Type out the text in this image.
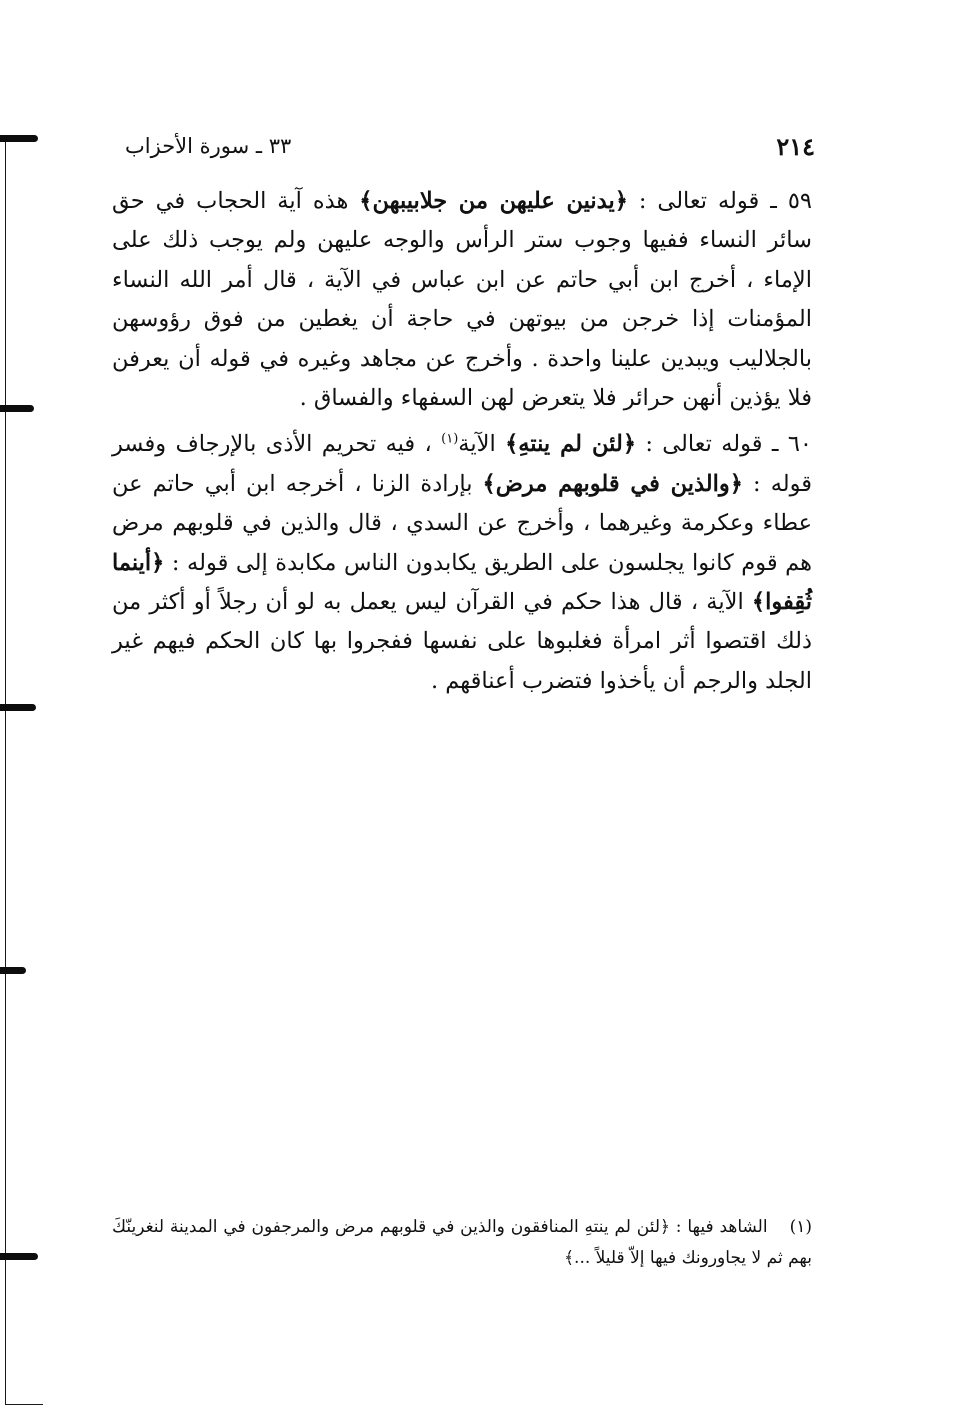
٢١٤
٣٣ ـ سورة الأحزاب

٥٩ ـ قوله تعالى : ﴿يدنين عليهن من جلابيبهن﴾ هذه آية الحجاب في حق سائر النساء ففيها وجوب ستر الرأس والوجه عليهن ولم يوجب ذلك على الإماء ، أخرج ابن أبي حاتم عن ابن عباس في الآية ، قال أمر الله النساء المؤمنات إذا خرجن من بيوتهن في حاجة أن يغطين من فوق رؤوسهن بالجلاليب ويبدين علينا واحدة . وأخرج عن مجاهد وغيره في قوله أن يعرفن فلا يؤذين أنهن حرائر فلا يتعرض لهن السفهاء والفساق .

٦٠ ـ قوله تعالى : ﴿لئن لم ينتهِ﴾ الآية$^{(١)}$ ، فيه تحريم الأذى بالإرجاف وفسر قوله : ﴿والذين في قلوبهم مرض﴾ بإرادة الزنا ، أخرجه ابن أبي حاتم عن عطاء وعكرمة وغيرهما ، وأخرج عن السدي ، قال والذين في قلوبهم مرض هم قوم كانوا يجلسون على الطريق يكابدون الناس مكابدة إلى قوله : ﴿أينما ثُقِفوا﴾ الآية ، قال هذا حكم في القرآن ليس يعمل به لو أن رجلاً أو أكثر من ذلك اقتصوا أثر امرأة فغلبوها على نفسها ففجروا بها كان الحكم فيهم غير الجلد والرجم أن يأخذوا فتضرب أعناقهم .

(١)الشاهد فيها : ﴿لئن لم ينتهِ المنافقون والذين في قلوبهم مرض والمرجفون في المدينة لنغرينّكَ بهم ثم لا يجاورونك فيها إلاّ قليلاً ...﴾
